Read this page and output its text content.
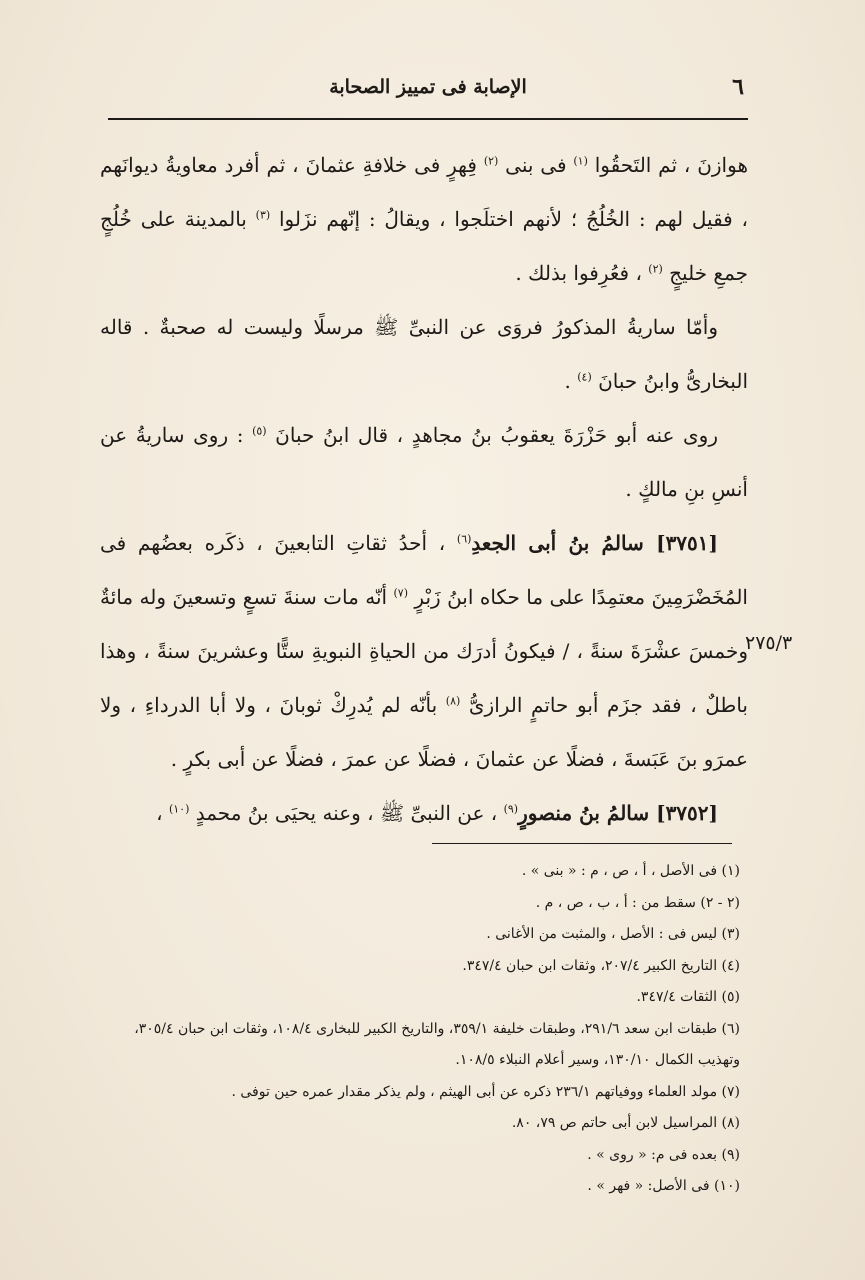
٦
الإصابة فى تمييز الصحابة
٢٧٥/٣

هوازنَ ، ثم التَحقُوا $^{(١)}$ فى بنى $^{(٢)}$ فِهرٍ فى خلافةِ عثمانَ ، ثم أفرد معاويةُ ديوانَهم ، فقيل لهم : الخُلُجُ ؛ لأنهم اختلَجوا ، ويقالُ : إنّهم نزَلوا $^{(٣)}$ بالمدينة على خُلُجٍ جمعِ خليجٍ $^{(٢)}$ ، فعُرِفوا بذلك .

وأمّا ساريةُ المذكورُ فروَى عن النبىِّ ﷺ مرسلًا وليست له صحبةٌ . قاله البخارىُّ وابنُ حبانَ $^{(٤)}$ .

روى عنه أبو حَزْرَةَ يعقوبُ بنُ مجاهدٍ ، قال ابنُ حبانَ $^{(٥)}$ : روى ساريةُ عن أنسِ بنِ مالكٍ .

[٣٧٥١] سالمُ بنُ أبى الجعدِ$^{(٦)}$ ، أحدُ ثقاتِ التابعينَ ، ذكَره بعضُهم فى المُخَضْرَمِينَ معتمِدًا على ما حكاه ابنُ زَبْرٍ $^{(٧)}$ أنّه مات سنةَ تسعٍ وتسعينَ وله مائةٌ وخمسَ عشْرَةَ سنةً ، / فيكونُ أدرَك من الحياةِ النبويةِ ستًّا وعشرينَ سنةً ، وهذا باطلٌ ، فقد جزَم أبو حاتمٍ الرازىُّ $^{(٨)}$ بأنّه لم يُدرِكْ ثوبانَ ، ولا أبا الدرداءِ ، ولا عمرَو بنَ عَبَسةَ ، فضلًا عن عثمانَ ، فضلًا عن عمرَ ، فضلًا عن أبى بكرٍ .

[٣٧٥٢] سالمُ بنُ منصورٍ$^{(٩)}$ ، عن النبىِّ ﷺ ، وعنه يحيَى بنُ محمدٍ $^{(١٠)}$ ،

(١) فى الأصل ، أ ، ص ، م : « بنى » .

(٢ - ٢) سقط من : أ ، ب ، ص ، م .

(٣) ليس فى : الأصل ، والمثبت من الأغانى .

(٤) التاريخ الكبير ٢٠٧/٤، وثقات ابن حبان ٣٤٧/٤.

(٥) الثقات ٣٤٧/٤.

(٦) طبقات ابن سعد ٢٩١/٦، وطبقات خليفة ٣٥٩/١، والتاريخ الكبير للبخارى ١٠٨/٤، وثقات ابن حبان ٣٠٥/٤، وتهذيب الكمال ١٣٠/١٠، وسير أعلام النبلاء ١٠٨/٥.

(٧) مولد العلماء ووفياتهم ٢٣٦/١ ذكره عن أبى الهيثم ، ولم يذكر مقدار عمره حين توفى .

(٨) المراسيل لابن أبى حاتم ص ٧٩، ٨٠.

(٩) بعده فى م: « روى » .

(١٠) فى الأصل: « فهر » .
